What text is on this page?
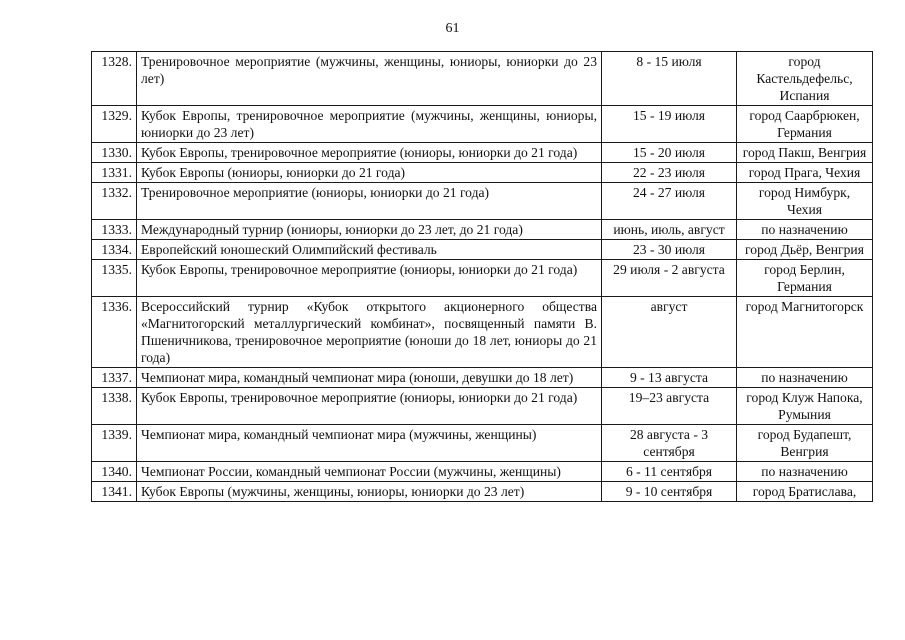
61
1328.	Тренировочное мероприятие (мужчины, женщины, юниоры, юниорки до 23 лет)	8 - 15 июля	город Кастельдефельс, Испания
1329.	Кубок Европы, тренировочное мероприятие (мужчины, женщины, юниоры, юниорки до 23 лет)	15 - 19 июля	город Саарбрюкен, Германия
1330.	Кубок Европы, тренировочное мероприятие (юниоры, юниорки до 21 года)	15 - 20 июля	город Пакш, Венгрия
1331.	Кубок Европы (юниоры, юниорки до 21 года)	22 - 23 июля	город Прага, Чехия
1332.	Тренировочное мероприятие (юниоры, юниорки до 21 года)	24 - 27 июля	город Нимбурк, Чехия
1333.	Международный турнир (юниоры, юниорки до 23 лет, до 21 года)	июнь, июль, август	по назначению
1334.	Европейский юношеский Олимпийский фестиваль	23 - 30 июля	город Дьёр, Венгрия
1335.	Кубок Европы, тренировочное мероприятие (юниоры, юниорки до 21 года)	29 июля - 2 августа	город Берлин, Германия
1336.	Всероссийский турнир «Кубок открытого акционерного общества «Магнитогорский металлургический комбинат», посвященный памяти В. Пшеничникова, тренировочное мероприятие (юноши до 18 лет, юниоры до 21 года)	август	город Магнитогорск
1337.	Чемпионат мира, командный чемпионат мира (юноши, девушки до 18 лет)	9 - 13 августа	по назначению
1338.	Кубок Европы, тренировочное мероприятие (юниоры, юниорки до 21 года)	19–23 августа	город Клуж Напока, Румыния
1339.	Чемпионат мира, командный чемпионат мира (мужчины, женщины)	28 августа - 3 сентября	город Будапешт, Венгрия
1340.	Чемпионат России, командный чемпионат России (мужчины, женщины)	6 - 11 сентября	по назначению
1341.	Кубок Европы (мужчины, женщины, юниоры, юниорки до 23 лет)	9 - 10 сентября	город Братислава,
